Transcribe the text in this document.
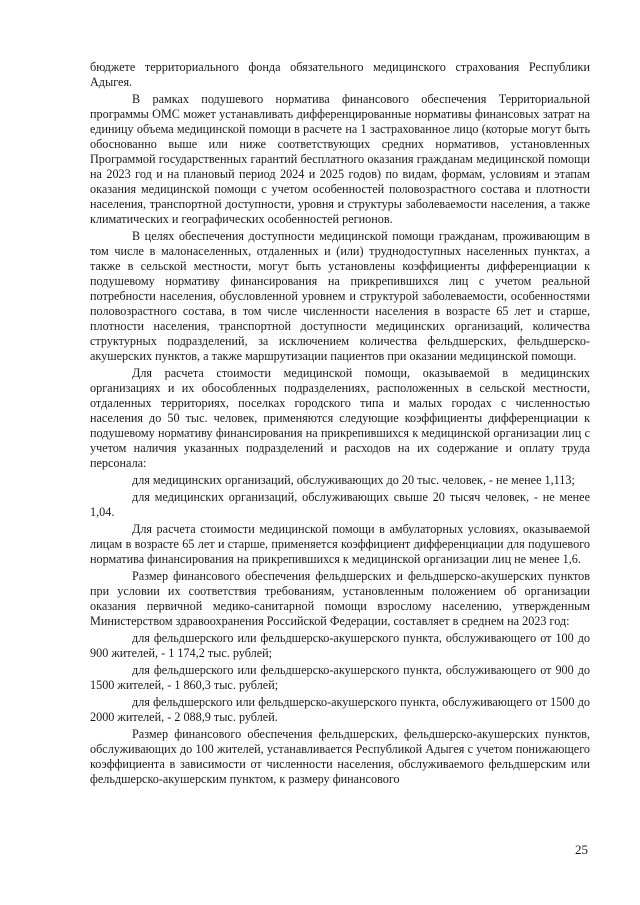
бюджете территориального фонда обязательного медицинского страхования Республики Адыгея.

В рамках подушевого норматива финансового обеспечения Территориальной программы ОМС может устанавливать дифференцированные нормативы финансовых затрат на единицу объема медицинской помощи в расчете на 1 застрахованное лицо (которые могут быть обоснованно выше или ниже соответствующих средних нормативов, установленных Программой государственных гарантий бесплатного оказания гражданам медицинской помощи на 2023 год и на плановый период 2024 и 2025 годов) по видам, формам, условиям и этапам оказания медицинской помощи с учетом особенностей половозрастного состава и плотности населения, транспортной доступности, уровня и структуры заболеваемости населения, а также климатических и географических особенностей регионов.

В целях обеспечения доступности медицинской помощи гражданам, проживающим в том числе в малонаселенных, отдаленных и (или) труднодоступных населенных пунктах, а также в сельской местности, могут быть установлены коэффициенты дифференциации к подушевому нормативу финансирования на прикрепившихся лиц с учетом реальной потребности населения, обусловленной уровнем и структурой заболеваемости, особенностями половозрастного состава, в том числе численности населения в возрасте 65 лет и старше, плотности населения, транспортной доступности медицинских организаций, количества структурных подразделений, за исключением количества фельдшерских, фельдшерско-акушерских пунктов, а также маршрутизации пациентов при оказании медицинской помощи.

Для расчета стоимости медицинской помощи, оказываемой в медицинских организациях и их обособленных подразделениях, расположенных в сельской местности, отдаленных территориях, поселках городского типа и малых городах с численностью населения до 50 тыс. человек, применяются следующие коэффициенты дифференциации к подушевому нормативу финансирования на прикрепившихся к медицинской организации лиц с учетом наличия указанных подразделений и расходов на их содержание и оплату труда персонала:

для медицинских организаций, обслуживающих до 20 тыс. человек, - не менее 1,113;

для медицинских организаций, обслуживающих свыше 20 тысяч человек, - не менее 1,04.

Для расчета стоимости медицинской помощи в амбулаторных условиях, оказываемой лицам в возрасте 65 лет и старше, применяется коэффициент дифференциации для подушевого норматива финансирования на прикрепившихся к медицинской организации лиц не менее 1,6.

Размер финансового обеспечения фельдшерских и фельдшерско-акушерских пунктов при условии их соответствия требованиям, установленным положением об организации оказания первичной медико-санитарной помощи взрослому населению, утвержденным Министерством здравоохранения Российской Федерации, составляет в среднем на 2023 год:

для фельдшерского или фельдшерско-акушерского пункта, обслуживающего от 100 до 900 жителей, - 1 174,2 тыс. рублей;

для фельдшерского или фельдшерско-акушерского пункта, обслуживающего от 900 до 1500 жителей, - 1 860,3 тыс. рублей;

для фельдшерского или фельдшерско-акушерского пункта, обслуживающего от 1500 до 2000 жителей, - 2 088,9 тыс. рублей.

Размер финансового обеспечения фельдшерских, фельдшерско-акушерских пунктов, обслуживающих до 100 жителей, устанавливается Республикой Адыгея с учетом понижающего коэффициента в зависимости от численности населения, обслуживаемого фельдшерским или фельдшерско-акушерским пунктом, к размеру финансового

25
